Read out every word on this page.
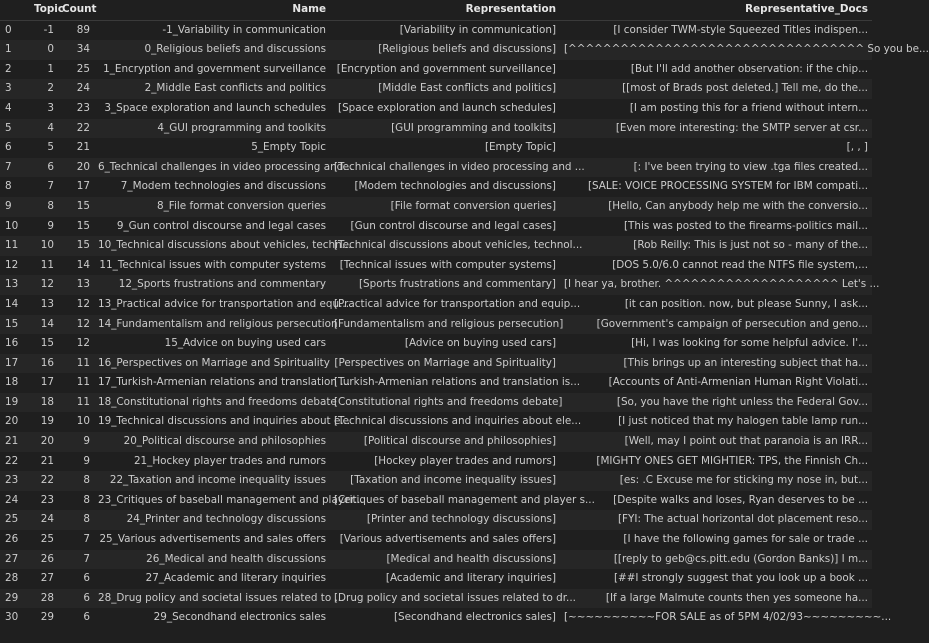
	Topic	Count	Name	Representation	Representative_Docs
0	-1	89	-1_Variability in communication	[Variability in communication]	[I consider TWM-style Squeezed Titles indispen...
1	0	34	0_Religious beliefs and discussions	[Religious beliefs and discussions]	[^^^^^^^^^^^^^^^^^^^^^^^^^^^^^^^^^^ So you be...
2	1	25	1_Encryption and government surveillance	[Encryption and government surveillance]	[But I'll add another observation: if the chip...
3	2	24	2_Middle East conflicts and politics	[Middle East conflicts and politics]	[[most of Brads post deleted.] Tell me, do the...
4	3	23	3_Space exploration and launch schedules	[Space exploration and launch schedules]	[I am posting this for a friend without intern...
5	4	22	4_GUI programming and toolkits	[GUI programming and toolkits]	[Even more interesting: the SMTP server at csr...
6	5	21	5_Empty Topic	[Empty Topic]	[, , ]
7	6	20	6_Technical challenges in video processing and...	[Technical challenges in video processing and ...	[: I've been trying to view .tga files created...
8	7	17	7_Modem technologies and discussions	[Modem technologies and discussions]	[SALE: VOICE PROCESSING SYSTEM for IBM compati...
9	8	15	8_File format conversion queries	[File format conversion queries]	[Hello, Can anybody help me with the conversio...
10	9	15	9_Gun control discourse and legal cases	[Gun control discourse and legal cases]	[This was posted to the firearms-politics mail...
11	10	15	10_Technical discussions about vehicles, techn...	[Technical discussions about vehicles, technol...	[Rob Reilly: This is just not so - many of the...
12	11	14	11_Technical issues with computer systems	[Technical issues with computer systems]	[DOS 5.0/6.0 cannot read the NTFS file system,...
13	12	13	12_Sports frustrations and commentary	[Sports frustrations and commentary]	[I hear ya, brother. ^^^^^^^^^^^^^^^^^^^^ Let's ...
14	13	12	13_Practical advice for transportation and equ...	[Practical advice for transportation and equip...	[it can position. now, but please Sunny, I ask...
15	14	12	14_Fundamentalism and religious persecution	[Fundamentalism and religious persecution]	[Government's campaign of persecution and geno...
16	15	12	15_Advice on buying used cars	[Advice on buying used cars]	[Hi, I was looking for some helpful advice. I'...
17	16	11	16_Perspectives on Marriage and Spirituality	[Perspectives on Marriage and Spirituality]	[This brings up an interesting subject that ha...
18	17	11	17_Turkish-Armenian relations and translation ...	[Turkish-Armenian relations and translation is...	[Accounts of Anti-Armenian Human Right Violati...
19	18	11	18_Constitutional rights and freedoms debate	[Constitutional rights and freedoms debate]	[So, you have the right unless the Federal Gov...
20	19	10	19_Technical discussions and inquiries about e...	[Technical discussions and inquiries about ele...	[I just noticed that my halogen table lamp run...
21	20	9	20_Political discourse and philosophies	[Political discourse and philosophies]	[Well, may I point out that paranoia is an IRR...
22	21	9	21_Hockey player trades and rumors	[Hockey player trades and rumors]	[MIGHTY ONES GET MIGHTIER: TPS, the Finnish Ch...
23	22	8	22_Taxation and income inequality issues	[Taxation and income inequality issues]	[es: .C Excuse me for sticking my nose in, but...
24	23	8	23_Critiques of baseball management and player...	[Critiques of baseball management and player s...	[Despite walks and loses, Ryan deserves to be ...
25	24	8	24_Printer and technology discussions	[Printer and technology discussions]	[FYI: The actual horizontal dot placement reso...
26	25	7	25_Various advertisements and sales offers	[Various advertisements and sales offers]	[I have the following games for sale or trade ...
27	26	7	26_Medical and health discussions	[Medical and health discussions]	[[reply to geb@cs.pitt.edu (Gordon Banks)] I m...
28	27	6	27_Academic and literary inquiries	[Academic and literary inquiries]	[##I strongly suggest that you look up a book ...
29	28	6	28_Drug policy and societal issues related to ...	[Drug policy and societal issues related to dr...	[If a large Malmute counts then yes someone ha...
30	29	6	29_Secondhand electronics sales	[Secondhand electronics sales]	[~~~~~~~~~~FOR SALE as of 5PM 4/02/93~~~~~~~~~...
